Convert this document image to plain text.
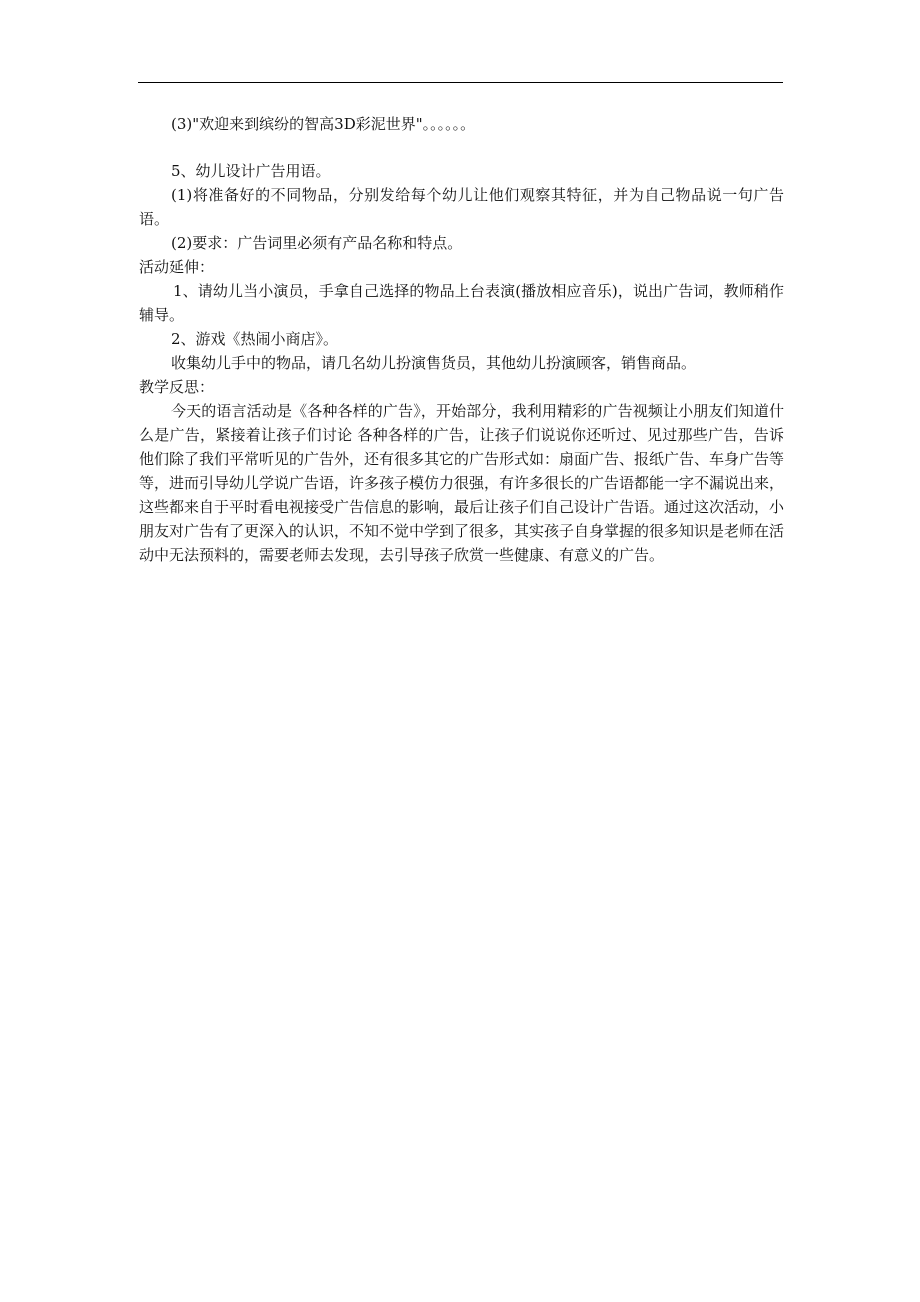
(3)"欢迎来到缤纷的智高3D彩泥世界"。。。。。。

5、幼儿设计广告用语。

(1)将准备好的不同物品，分别发给每个幼儿让他们观察其特征，并为自己物品说一句广告语。

(2)要求：广告词里必须有产品名称和特点。

活动延伸：

1、请幼儿当小演员，手拿自己选择的物品上台表演(播放相应音乐)，说出广告词，教师稍作辅导。

2、游戏《热闹小商店》。

收集幼儿手中的物品，请几名幼儿扮演售货员，其他幼儿扮演顾客，销售商品。

教学反思：

今天的语言活动是《各种各样的广告》，开始部分，我利用精彩的广告视频让小朋友们知道什么是广告，紧接着让孩子们讨论 各种各样的广告，让孩子们说说你还听过、见过那些广告，告诉他们除了我们平常听见的广告外，还有很多其它的广告形式如：扇面广告、报纸广告、车身广告等等，进而引导幼儿学说广告语，许多孩子模仿力很强，有许多很长的广告语都能一字不漏说出来，这些都来自于平时看电视接受广告信息的影响，最后让孩子们自己设计广告语。通过这次活动，小朋友对广告有了更深入的认识，不知不觉中学到了很多，其实孩子自身掌握的很多知识是老师在活动中无法预料的，需要老师去发现，去引导孩子欣赏一些健康、有意义的广告。
